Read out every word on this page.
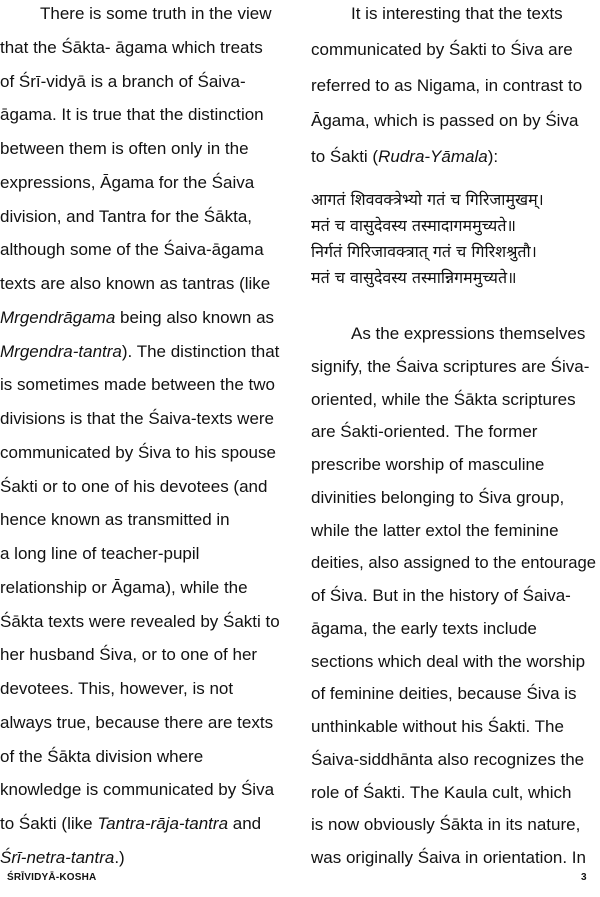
There is some truth in the view
that the Śākta- āgama which treats
of Śrī-vidyā is a branch of Śaiva-
āgama. It is true that the distinction
between them is often only in the
expressions, Āgama for the Śaiva
division, and Tantra for the Śākta,
although some of the Śaiva-āgama
texts are also known as tantras (like
Mrgendrāgama being also known as
Mrgendra-tantra). The distinction that
is sometimes made between the two
divisions is that the Śaiva-texts were
communicated by Śiva to his spouse
Śakti or to one of his devotees (and
hence known as transmitted in
a long line of teacher-pupil
relationship or Āgama), while the
Śākta texts were revealed by Śakti to
her husband Śiva, or to one of her
devotees. This, however, is not
always true, because there are texts
of the Śākta division where
knowledge is communicated by Śiva
to Śakti (like Tantra-rāja-tantra and
Śrī-netra-tantra.)
It is interesting that the texts
communicated by Śakti to Śiva are
referred to as Nigama, in contrast to
Āgama, which is passed on by Śiva
to Śakti (Rudra-Yāmala):
आगतं शिववक्त्रेभ्यो गतं च गिरिजामुखम्।
मतं च वासुदेवस्य तस्मादागममुच्यते॥
निर्गतं गिरिजावक्त्रात् गतं च गिरिशश्रुतौ।
मतं च वासुदेवस्य तस्मान्निगममुच्यते॥
As the expressions themselves
signify, the Śaiva scriptures are Śiva-
oriented, while the Śākta scriptures
are Śakti-oriented. The former
prescribe worship of masculine
divinities belonging to Śiva group,
while the latter extol the feminine
deities, also assigned to the entourage
of Śiva. But in the history of Śaiva-
āgama, the early texts include
sections which deal with the worship
of feminine deities, because Śiva is
unthinkable without his Śakti. The
Śaiva-siddhānta also recognizes the
role of Śakti. The Kaula cult, which
is now obviously Śākta in its nature,
was originally Śaiva in orientation. In
ŚRĪVIDYĀ-KOSHA	3
